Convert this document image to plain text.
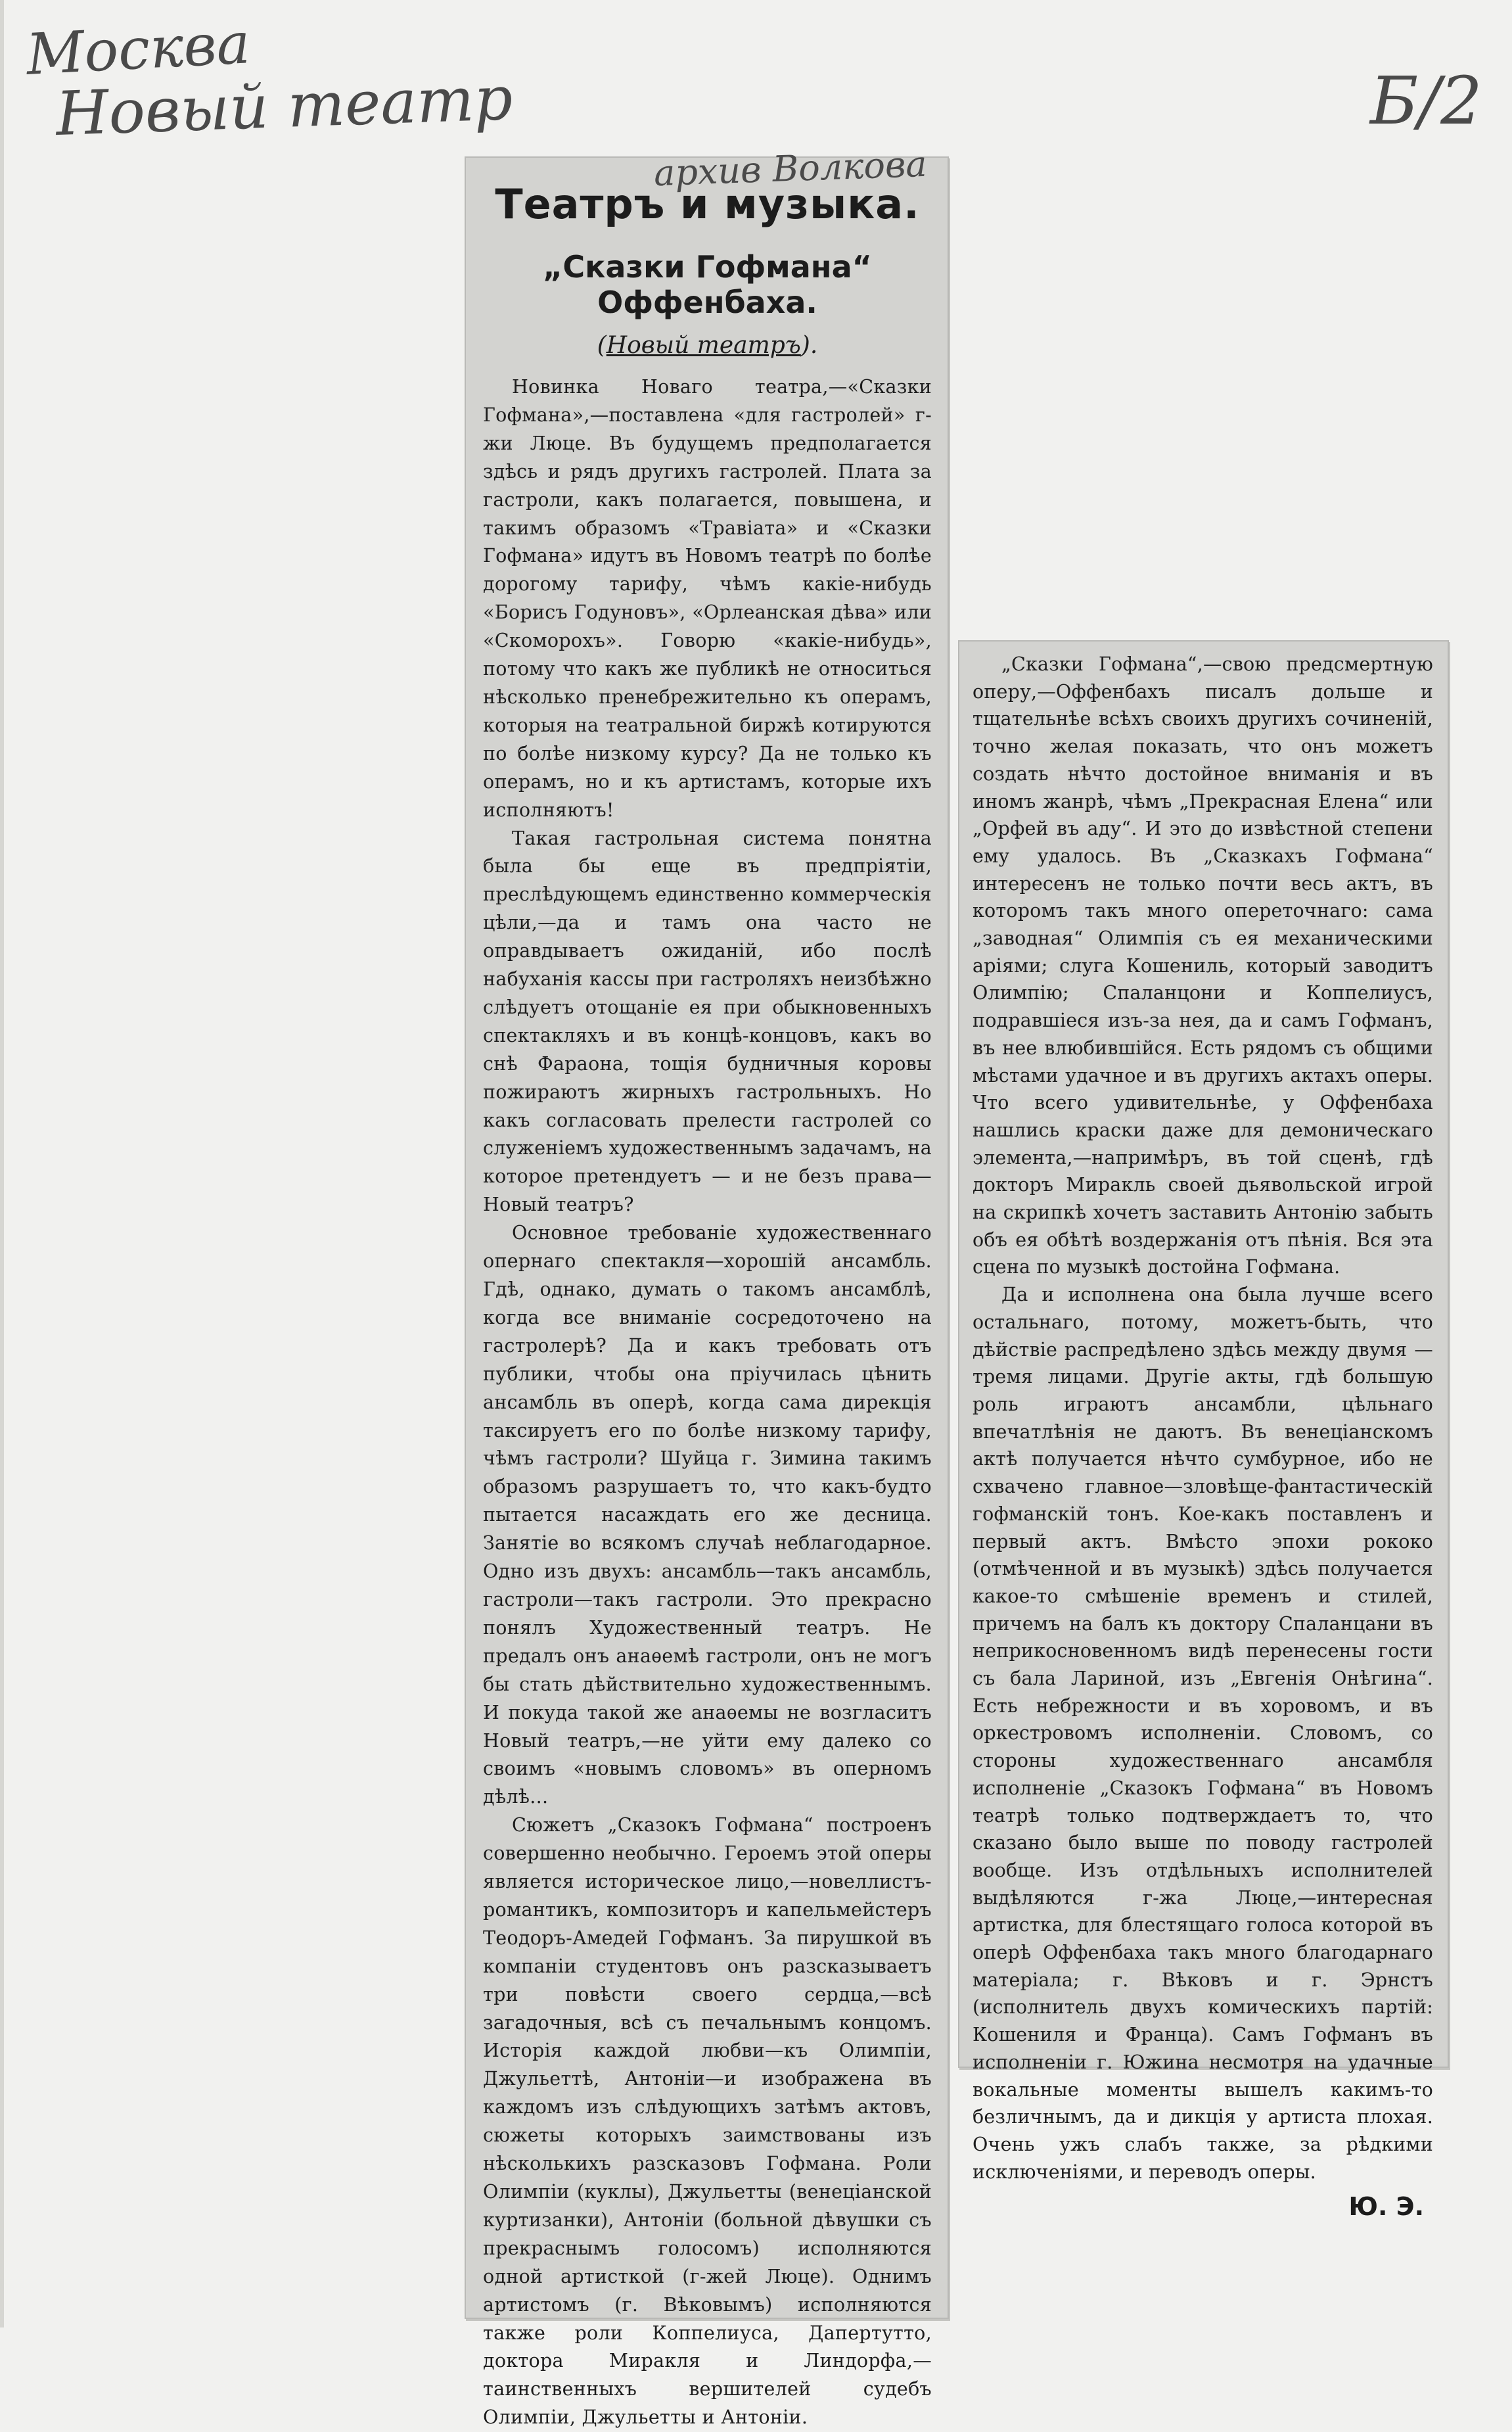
Москва
Новый театр	Б/2
Театръ и музыка.
„Сказки Гофмана“ Оффенбаха.
(Новый театръ).

Новинка Новаго театра,—«Сказки Гофмана»,—поставлена «для гастролей» г-жи Люце. Въ будущемъ предполагается здѣсь и рядъ другихъ гастролей. Плата за гастроли, какъ полагается, повышена, и такимъ образомъ «Травіата» и «Сказки Гофмана» идутъ въ Новомъ театрѣ по болѣе дорогому тарифу, чѣмъ какіе-нибудь «Борисъ Годуновъ», «Орлеанская дѣва» или «Скоморохъ». Говорю «какіе-нибудь», потому что какъ же публикѣ не относиться нѣсколько пренебрежительно къ операмъ, которыя на театральной биржѣ котируются по болѣе низкому курсу? Да не только къ операмъ, но и къ артистамъ, которые ихъ исполняютъ!

Такая гастрольная система понятна была бы еще въ предпріятіи, преслѣдующемъ единственно коммерческія цѣли,—да и тамъ она часто не оправдываетъ ожиданій, ибо послѣ набуханія кассы при гастроляхъ неизбѣжно слѣдуетъ отощаніе ея при обыкновенныхъ спектакляхъ и въ концѣ-концовъ, какъ во снѣ Фараона, тощія будничныя коровы пожираютъ жирныхъ гастрольныхъ. Но какъ согласовать прелести гастролей со служеніемъ художественнымъ задачамъ, на которое претендуетъ — и не безъ права—Новый театръ?

Основное требованіе художественнаго опернаго спектакля—хорошій ансамбль. Гдѣ, однако, думать о такомъ ансамблѣ, когда все вниманіе сосредоточено на гастролерѣ? Да и какъ требовать отъ публики, чтобы она пріучилась цѣнить ансамбль въ оперѣ, когда сама дирекція таксируетъ его по болѣе низкому тарифу, чѣмъ гастроли? Шуйца г. Зимина такимъ образомъ разрушаетъ то, что какъ-будто пытается насаждать его же десница. Занятіе во всякомъ случаѣ неблагодарное. Одно изъ двухъ: ансамбль—такъ ансамбль, гастроли—такъ гастроли. Это прекрасно понялъ Художественный театръ. Не предалъ онъ анаѳемѣ гастроли, онъ не могъ бы стать дѣйствительно художественнымъ. И покуда такой же анаѳемы не возгласитъ Новый театръ,—не уйти ему далеко со своимъ «новымъ словомъ» въ оперномъ дѣлѣ...

Сюжетъ „Сказокъ Гофмана“ построенъ совершенно необычно. Героемъ этой оперы является историческое лицо,—новеллистъ-романтикъ, композиторъ и капельмейстеръ Теодоръ-Амедей Гофманъ. За пирушкой въ компаніи студентовъ онъ разсказываетъ три повѣсти своего сердца,—всѣ загадочныя, всѣ съ печальнымъ концомъ. Исторія каждой любви—къ Олимпіи, Джульеттѣ, Антоніи—и изображена въ каждомъ изъ слѣдующихъ затѣмъ актовъ, сюжеты которыхъ заимствованы изъ нѣсколькихъ разсказовъ Гофмана. Роли Олимпіи (куклы), Джульетты (венеціанской куртизанки), Антоніи (больной дѣвушки съ прекраснымъ голосомъ) исполняются одной артисткой (г-жей Люце). Однимъ артистомъ (г. Вѣковымъ) исполняются также роли Коппелиуса, Дапертутто, доктора Миракля и Линдорфа,—таинственныхъ вершителей судебъ Олимпіи, Джульетты и Антоніи.

архив Волкова

„Сказки Гофмана“,—свою предсмертную оперу,—Оффенбахъ писалъ дольше и тщательнѣе всѣхъ своихъ другихъ сочиненій, точно желая показать, что онъ можетъ создать нѣчто достойное вниманія и въ иномъ жанрѣ, чѣмъ „Прекрасная Елена“ или „Орфей въ аду“. И это до извѣстной степени ему удалось. Въ „Сказкахъ Гофмана“ интересенъ не только почти весь актъ, въ которомъ такъ много опереточнаго: сама „заводная“ Олимпія съ ея механическими аріями; слуга Кошениль, который заводитъ Олимпію; Спаланцони и Коппелиусъ, подравшіеся изъ-за нея, да и самъ Гофманъ, въ нее влюбившійся. Есть рядомъ съ общими мѣстами удачное и въ другихъ актахъ оперы. Что всего удивительнѣе, у Оффенбаха нашлись краски даже для демоническаго элемента,—напримѣръ, въ той сценѣ, гдѣ докторъ Миракль своей дьявольской игрой на скрипкѣ хочетъ заставить Антонію забыть объ ея обѣтѣ воздержанія отъ пѣнія. Вся эта сцена по музыкѣ достойна Гофмана.

Да и исполнена она была лучше всего остальнаго, потому, можетъ-быть, что дѣйствіе распредѣлено здѣсь между двумя — тремя лицами. Другіе акты, гдѣ большую роль играютъ ансамбли, цѣльнаго впечатлѣнія не даютъ. Въ венеціанскомъ актѣ получается нѣчто сумбурное, ибо не схвачено главное—зловѣще-фантастическій гофманскій тонъ. Кое-какъ поставленъ и первый актъ. Вмѣсто эпохи рококо (отмѣченной и въ музыкѣ) здѣсь получается какое-то смѣшеніе временъ и стилей, причемъ на балъ къ доктору Спаланцани въ неприкосновенномъ видѣ перенесены гости съ бала Лариной, изъ „Евгенія Онѣгина“. Есть небрежности и въ хоровомъ, и въ оркестровомъ исполненіи. Словомъ, со стороны художественнаго ансамбля исполненіе „Сказокъ Гофмана“ въ Новомъ театрѣ только подтверждаетъ то, что сказано было выше по поводу гастролей вообще. Изъ отдѣльныхъ исполнителей выдѣляются г-жа Люце,—интересная артистка, для блестящаго голоса которой въ оперѣ Оффенбаха такъ много благодарнаго матеріала; г. Вѣковъ и г. Эрнстъ (исполнитель двухъ комическихъ партій: Кошениля и Франца). Самъ Гофманъ въ исполненіи г. Южина несмотря на удачные вокальные моменты вышелъ какимъ-то безличнымъ, да и дикція у артиста плохая. Очень ужъ слабъ также, за рѣдкими исключеніями, и переводъ оперы.

Ю. Э.
